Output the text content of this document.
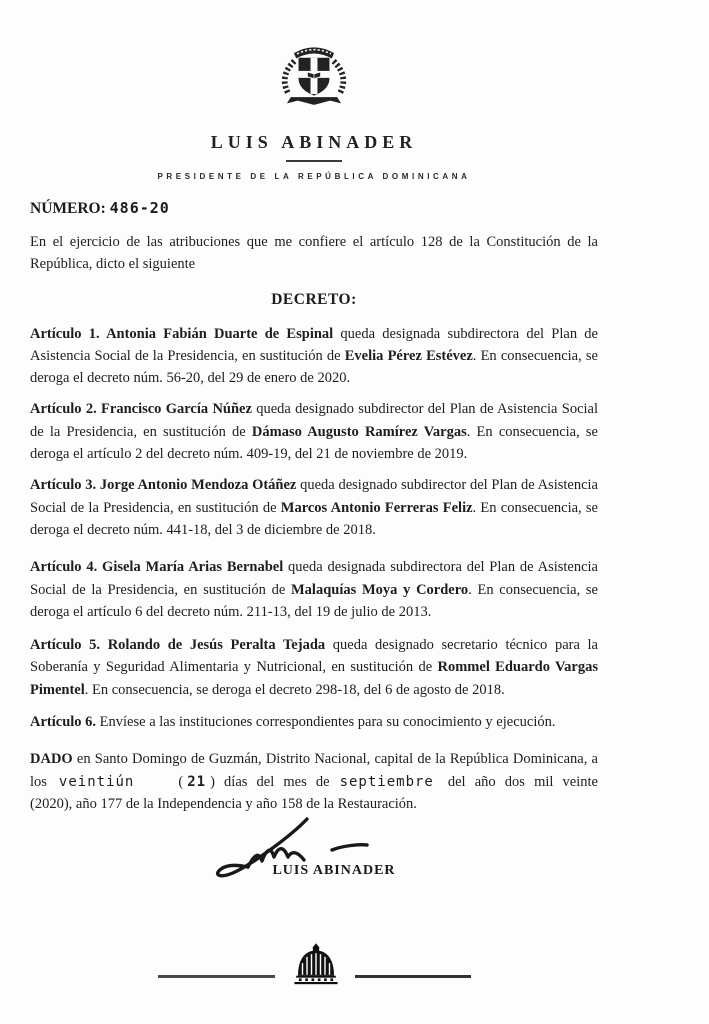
LUIS ABINADER
PRESIDENTE DE LA REPÚBLICA DOMINICANA
NÚMERO: 486-20

En el ejercicio de las atribuciones que me confiere el artículo 128 de la Constitución de la República, dicto el siguiente

DECRETO:

Artículo 1. Antonia Fabián Duarte de Espinal queda designada subdirectora del Plan de Asistencia Social de la Presidencia, en sustitución de Evelia Pérez Estévez. En consecuencia, se deroga el decreto núm. 56-20, del 29 de enero de 2020.

Artículo 2. Francisco García Núñez queda designado subdirector del Plan de Asistencia Social de la Presidencia, en sustitución de Dámaso Augusto Ramírez Vargas. En consecuencia, se deroga el artículo 2 del decreto núm. 409-19, del 21 de noviembre de 2019.

Artículo 3. Jorge Antonio Mendoza Otáñez queda designado subdirector del Plan de Asistencia Social de la Presidencia, en sustitución de Marcos Antonio Ferreras Feliz. En consecuencia, se deroga el decreto núm. 441-18, del 3 de diciembre de 2018.

Artículo 4. Gisela María Arias Bernabel queda designada subdirectora del Plan de Asistencia Social de la Presidencia, en sustitución de Malaquías Moya y Cordero. En consecuencia, se deroga el artículo 6 del decreto núm. 211-13, del 19 de julio de 2013.

Artículo 5. Rolando de Jesús Peralta Tejada queda designado secretario técnico para la Soberanía y Seguridad Alimentaria y Nutricional, en sustitución de Rommel Eduardo Vargas Pimentel. En consecuencia, se deroga el decreto 298-18, del 6 de agosto de 2018.

Artículo 6. Envíese a las instituciones correspondientes para su conocimiento y ejecución.

DADO en Santo Domingo de Guzmán, Distrito Nacional, capital de la República Dominicana, a los veintiún	( 21 ) días del mes de septiembre del año dos mil veinte (2020), año 177 de la Independencia y año 158 de la Restauración.

LUIS ABINADER
